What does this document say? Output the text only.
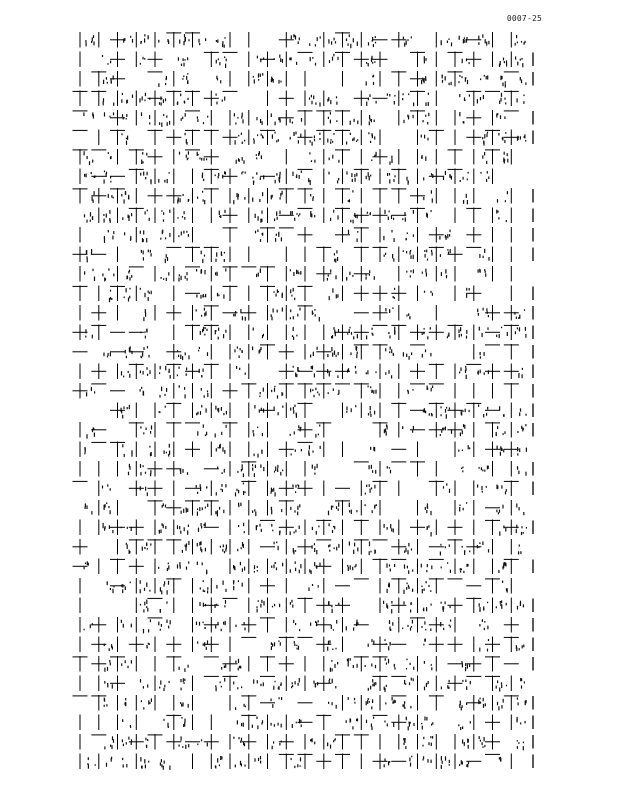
0007-25
